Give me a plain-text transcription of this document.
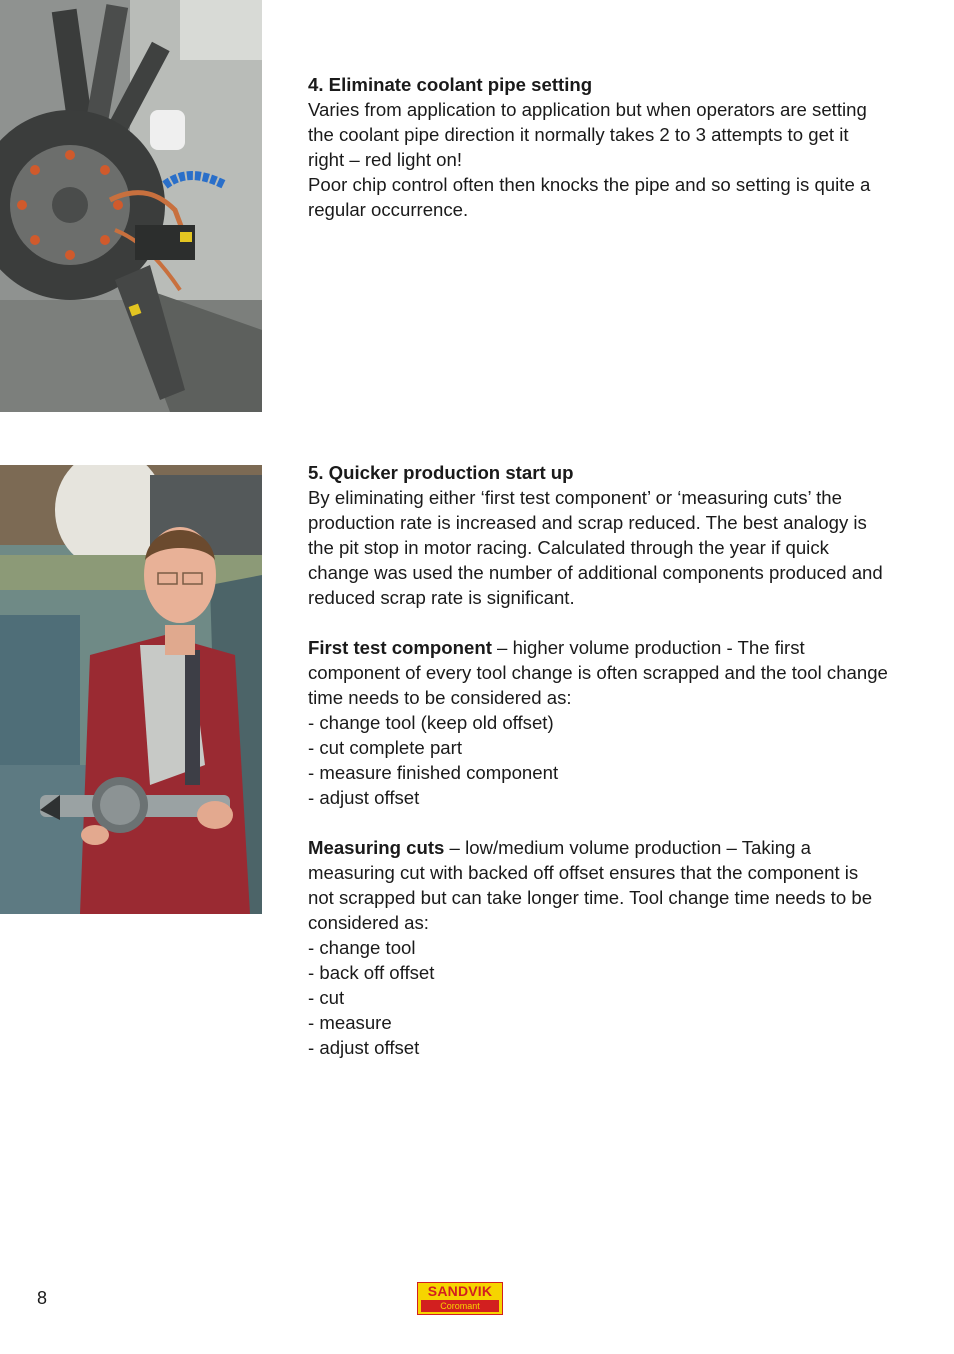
4. Eliminate coolant pipe setting

Varies from application to application but when operators are setting the coolant pipe direction it normally takes 2 to 3 attempts to get it right – red light on!

Poor chip control often then knocks the pipe and so setting is quite a regular occurrence.

5. Quicker production start up

By eliminating either ‘first test component’ or ‘measuring cuts’ the production rate is increased and scrap reduced. The best analogy is the pit stop in motor racing. Calculated through the year if quick change was used the number of additional components produced and reduced scrap rate is significant.

First test component – higher volume production - The first component of every tool change is often scrapped and the tool change time needs to be considered as:

- change tool (keep old offset)
- cut complete part
- measure finished component
- adjust offset

Measuring cuts – low/medium volume production – Taking a measuring cut with backed off offset ensures that the component is not scrapped but can take longer time. Tool change time needs to be considered as:

- change tool
- back off offset
- cut
- measure
- adjust offset
8	SANDVIK
Coromant
